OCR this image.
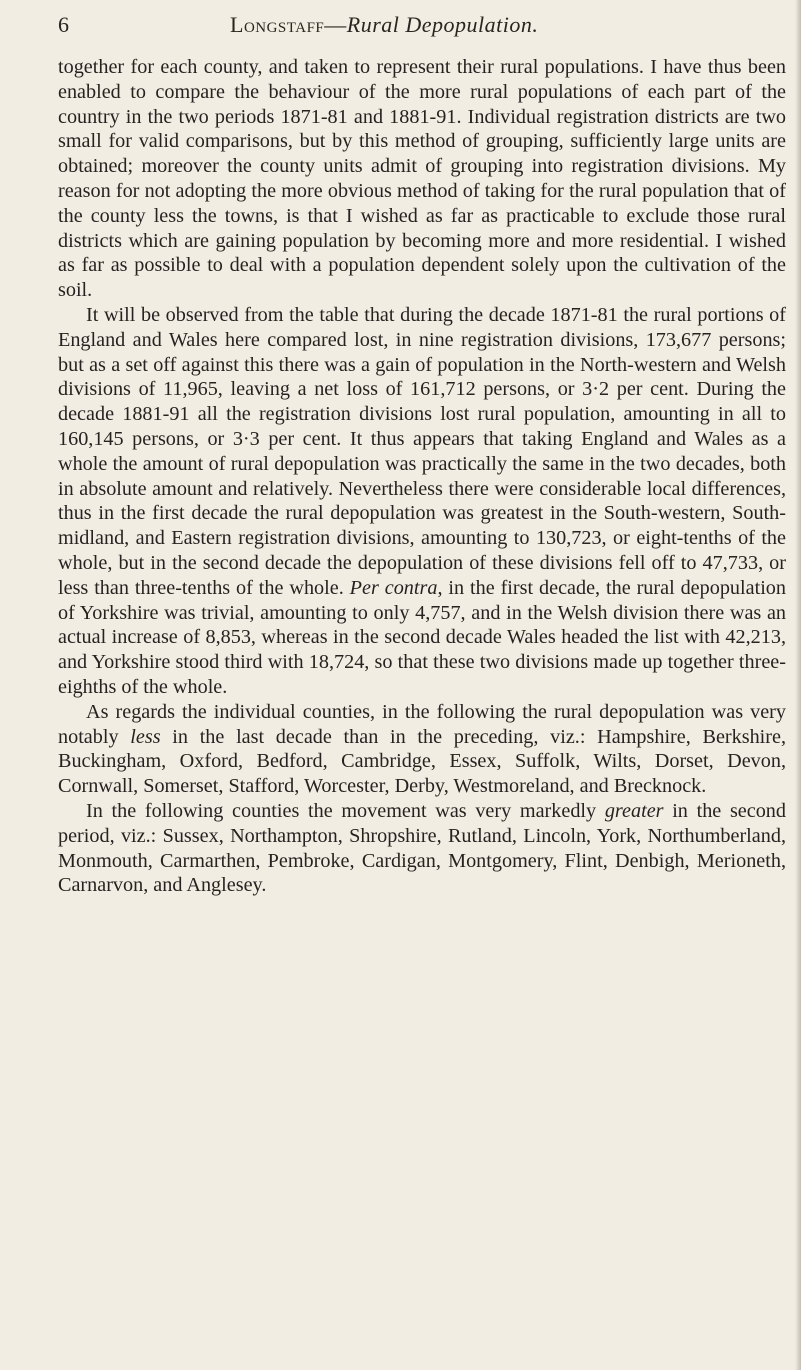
6	Longstaff—Rural Depopulation.

together for each county, and taken to represent their rural populations. I have thus been enabled to compare the behaviour of the more rural populations of each part of the country in the two periods 1871-81 and 1881-91. Individual registration districts are two small for valid comparisons, but by this method of grouping, sufficiently large units are obtained; moreover the county units admit of grouping into registration divisions. My reason for not adopting the more obvious method of taking for the rural population that of the county less the towns, is that I wished as far as practicable to exclude those rural districts which are gaining population by becoming more and more residential. I wished as far as possible to deal with a population dependent solely upon the cultivation of the soil.

It will be observed from the table that during the decade 1871-81 the rural portions of England and Wales here compared lost, in nine registration divisions, 173,677 persons; but as a set off against this there was a gain of population in the North-western and Welsh divisions of 11,965, leaving a net loss of 161,712 persons, or 3·2 per cent. During the decade 1881-91 all the registration divisions lost rural population, amounting in all to 160,145 persons, or 3·3 per cent. It thus appears that taking England and Wales as a whole the amount of rural depopulation was practically the same in the two decades, both in absolute amount and relatively. Nevertheless there were considerable local differences, thus in the first decade the rural depopulation was greatest in the South-western, South-midland, and Eastern registration divisions, amounting to 130,723, or eight-tenths of the whole, but in the second decade the depopulation of these divisions fell off to 47,733, or less than three-tenths of the whole. Per contra, in the first decade, the rural depopulation of Yorkshire was trivial, amounting to only 4,757, and in the Welsh division there was an actual increase of 8,853, whereas in the second decade Wales headed the list with 42,213, and Yorkshire stood third with 18,724, so that these two divisions made up together three-eighths of the whole.

As regards the individual counties, in the following the rural depopulation was very notably less in the last decade than in the preceding, viz.: Hampshire, Berkshire, Buckingham, Oxford, Bedford, Cambridge, Essex, Suffolk, Wilts, Dorset, Devon, Cornwall, Somerset, Stafford, Worcester, Derby, Westmoreland, and Brecknock.

In the following counties the movement was very markedly greater in the second period, viz.: Sussex, Northampton, Shropshire, Rutland, Lincoln, York, Northumberland, Monmouth, Carmarthen, Pembroke, Cardigan, Montgomery, Flint, Denbigh, Merioneth, Carnarvon, and Anglesey.
